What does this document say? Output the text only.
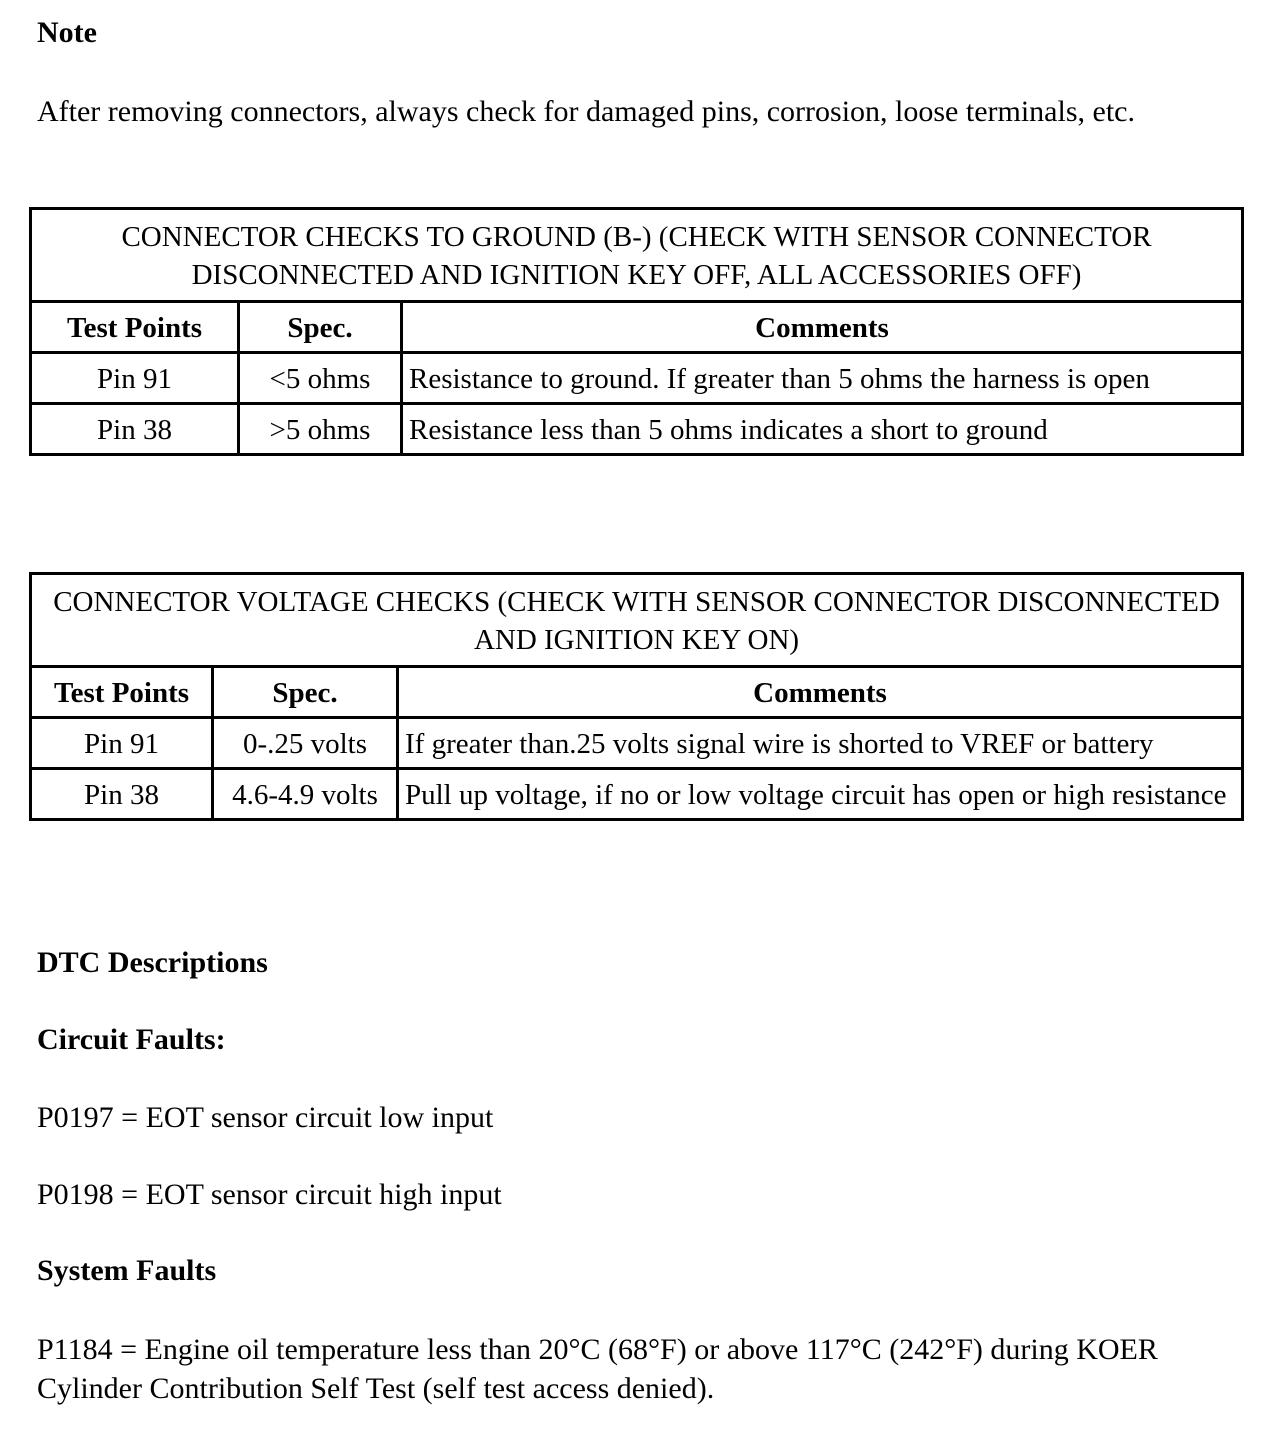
Note

After removing connectors, always check for damaged pins, corrosion, loose terminals, etc.

CONNECTOR CHECKS TO GROUND (B-) (CHECK WITH SENSOR CONNECTOR DISCONNECTED AND IGNITION KEY OFF, ALL ACCESSORIES OFF)		
Test Points	Spec.	Comments
Pin 91	<5 ohms	Resistance to ground. If greater than 5 ohms the harness is open
Pin 38	>5 ohms	Resistance less than 5 ohms indicates a short to ground
CONNECTOR VOLTAGE CHECKS (CHECK WITH SENSOR CONNECTOR DISCONNECTED AND IGNITION KEY ON)		
Test Points	Spec.	Comments
Pin 91	0-.25 volts	If greater than.25 volts signal wire is shorted to VREF or battery
Pin 38	4.6-4.9 volts	Pull up voltage, if no or low voltage circuit has open or high resistance
DTC Descriptions
Circuit Faults:

P0197 = EOT sensor circuit low input

P0198 = EOT sensor circuit high input

System Faults

P1184 = Engine oil temperature less than 20°C (68°F) or above 117°C (242°F) during KOER Cylinder Contribution Self Test (self test access denied).
